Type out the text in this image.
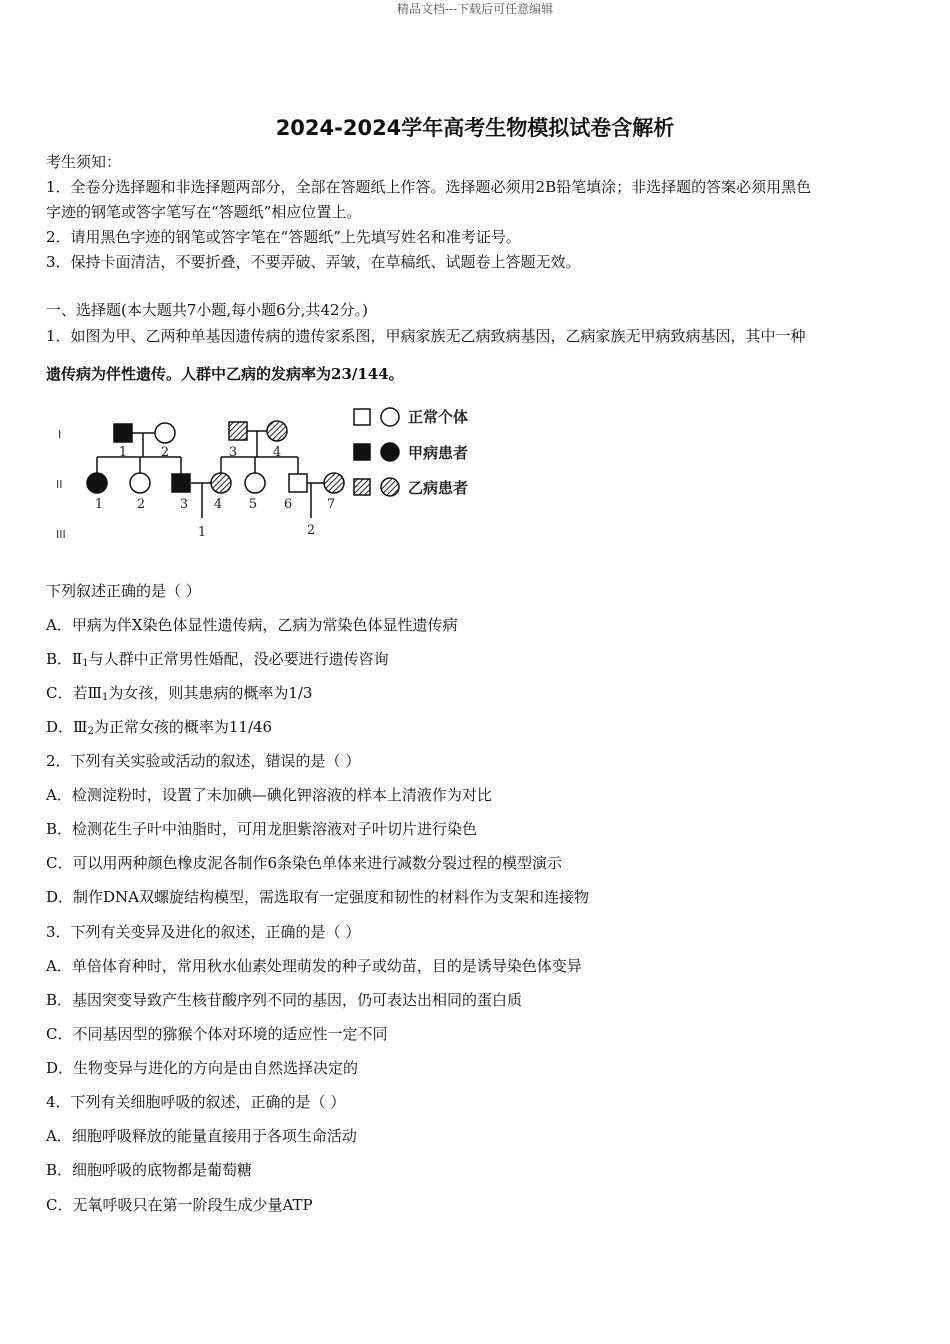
精品文档---下载后可任意编辑
2024-2024学年高考生物模拟试卷含解析
考生须知：
1．全卷分选择题和非选择题两部分，全部在答题纸上作答。选择题必须用2B铅笔填涂；非选择题的答案必须用黑色
字迹的钢笔或答字笔写在“答题纸”相应位置上。
2．请用黑色字迹的钢笔或答字笔在“答题纸”上先填写姓名和准考证号。
3．保持卡面清洁，不要折叠，不要弄破、弄皱，在草稿纸、试题卷上答题无效。
一、选择题(本大题共7小题,每小题6分,共42分。)
1．如图为甲、乙两种单基因遗传病的遗传家系图，甲病家族无乙病致病基因，乙病家族无甲病致病基因，其中一种
遗传病为伴性遗传。人群中乙病的发病率为23/144。
I
II
III
1	2	3	4
1	2	3 4 5 6	7
1	2
正常个体
甲病患者
乙病患者
下列叙述正确的是（ ）
A．甲病为伴X染色体显性遗传病，乙病为常染色体显性遗传病
B．$Ⅱ_1$与人群中正常男性婚配，没必要进行遗传咨询
C．若$Ⅲ_1$为女孩，则其患病的概率为1/3
D．$Ⅲ_2$为正常女孩的概率为11/46
2．下列有关实验或活动的叙述，错误的是（ ）
A．检测淀粉时，设置了未加碘—碘化钾溶液的样本上清液作为对比
B．检测花生子叶中油脂时，可用龙胆紫溶液对子叶切片进行染色
C．可以用两种颜色橡皮泥各制作6条染色单体来进行减数分裂过程的模型演示
D．制作DNA双螺旋结构模型，需选取有一定强度和韧性的材料作为支架和连接物
3．下列有关变异及进化的叙述，正确的是（ ）
A．单倍体育种时，常用秋水仙素处理萌发的种子或幼苗，目的是诱导染色体变异
B．基因突变导致产生核苷酸序列不同的基因，仍可表达出相同的蛋白质
C．不同基因型的猕猴个体对环境的适应性一定不同
D．生物变异与进化的方向是由自然选择决定的
4．下列有关细胞呼吸的叙述，正确的是（ ）
A．细胞呼吸释放的能量直接用于各项生命活动
B．细胞呼吸的底物都是葡萄糖
C．无氧呼吸只在第一阶段生成少量ATP
